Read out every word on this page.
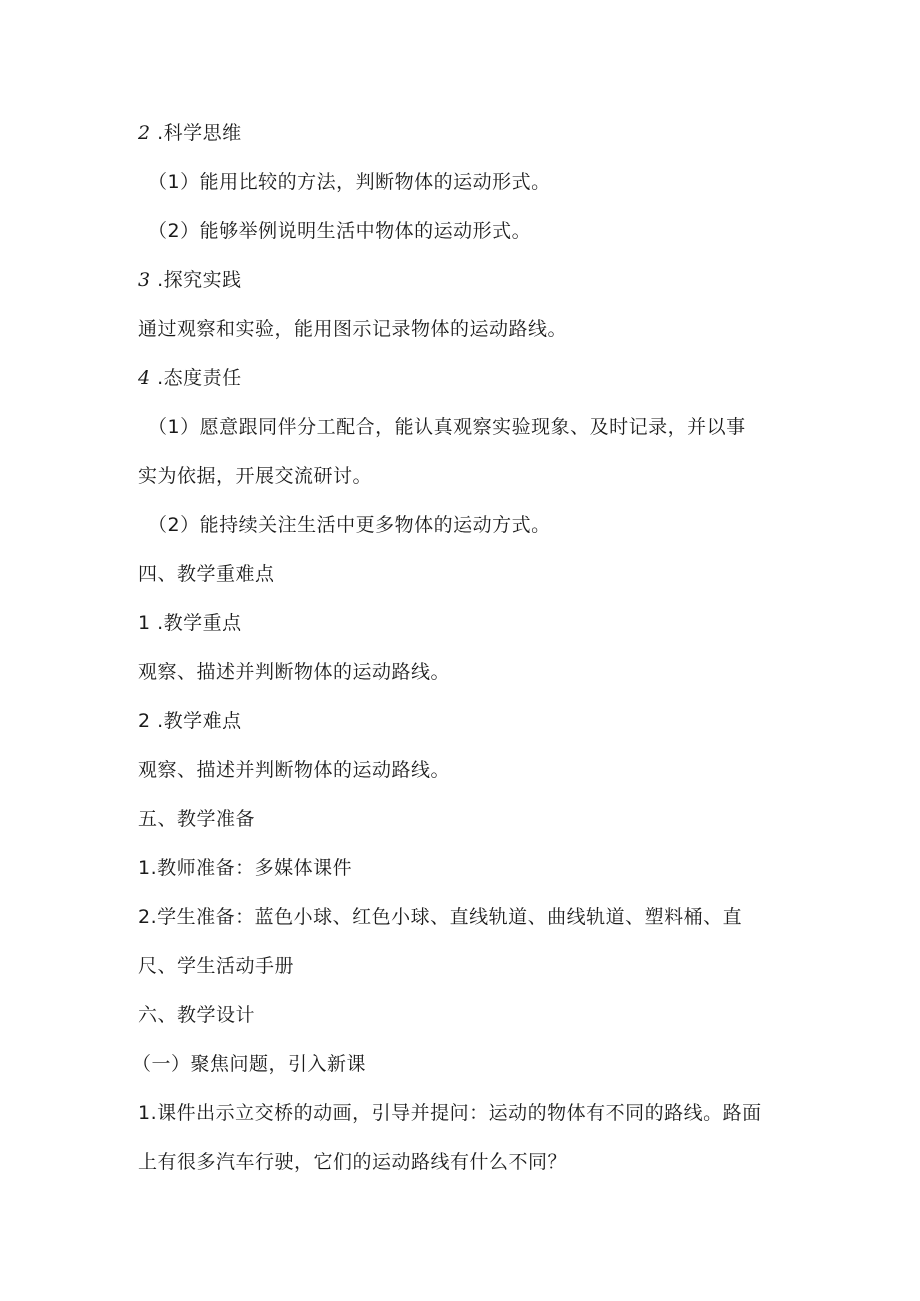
2 .科学思维
（1）能用比较的方法，判断物体的运动形式。
（2）能够举例说明生活中物体的运动形式。
3 .探究实践
通过观察和实验，能用图示记录物体的运动路线。
4 .态度责任
（1）愿意跟同伴分工配合，能认真观察实验现象、及时记录，并以事
实为依据，开展交流研讨。
（2）能持续关注生活中更多物体的运动方式。
四、教学重难点
1 .教学重点
观察、描述并判断物体的运动路线。
2 .教学难点
观察、描述并判断物体的运动路线。
五、教学准备
1.教师准备：多媒体课件
2.学生准备：蓝色小球、红色小球、直线轨道、曲线轨道、塑料桶、直
尺、学生活动手册
六、教学设计
（一）聚焦问题，引入新课
1.课件出示立交桥的动画，引导并提问：运动的物体有不同的路线。路面
上有很多汽车行驶，它们的运动路线有什么不同？
